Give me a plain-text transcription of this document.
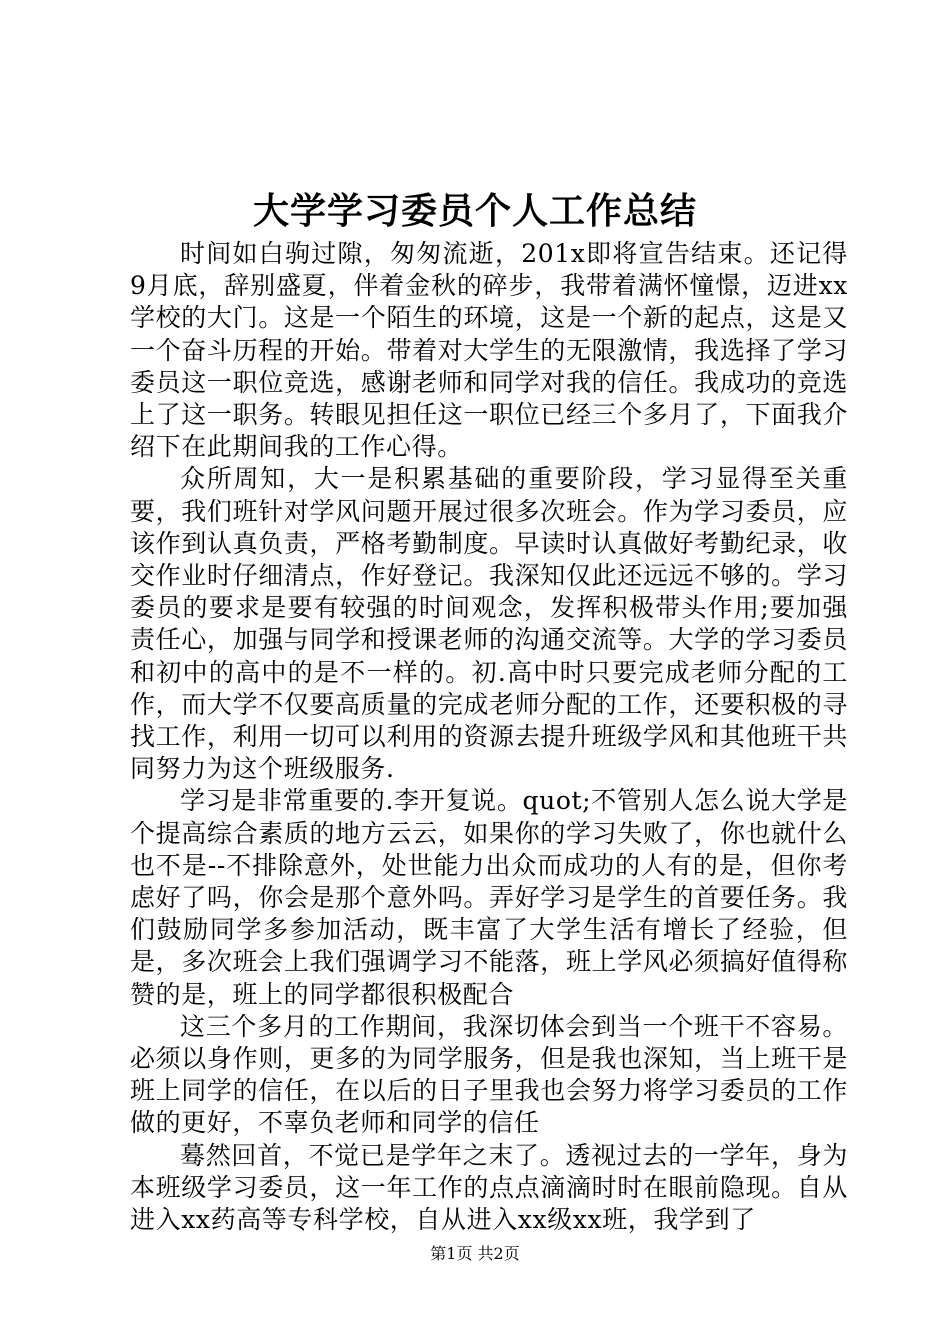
大学学习委员个人工作总结

时间如白驹过隙，匆匆流逝，201x即将宣告结束。还记得9月底，辞别盛夏，伴着金秋的碎步，我带着满怀憧憬，迈进xx学校的大门。这是一个陌生的环境，这是一个新的起点，这是又一个奋斗历程的开始。带着对大学生的无限激情，我选择了学习委员这一职位竞选，感谢老师和同学对我的信任。我成功的竞选上了这一职务。转眼见担任这一职位已经三个多月了，下面我介绍下在此期间我的工作心得。

众所周知，大一是积累基础的重要阶段，学习显得至关重要，我们班针对学风问题开展过很多次班会。作为学习委员，应该作到认真负责，严格考勤制度。早读时认真做好考勤纪录，收交作业时仔细清点，作好登记。我深知仅此还远远不够的。学习委员的要求是要有较强的时间观念，发挥积极带头作用;要加强责任心，加强与同学和授课老师的沟通交流等。大学的学习委员和初中的高中的是不一样的。初.高中时只要完成老师分配的工作，而大学不仅要高质量的完成老师分配的工作，还要积极的寻找工作，利用一切可以利用的资源去提升班级学风和其他班干共同努力为这个班级服务.

学习是非常重要的.李开复说。quot;不管别人怎么说大学是个提高综合素质的地方云云，如果你的学习失败了，你也就什么也不是--不排除意外，处世能力出众而成功的人有的是，但你考虑好了吗，你会是那个意外吗。弄好学习是学生的首要任务。我们鼓励同学多参加活动，既丰富了大学生活有增长了经验，但是，多次班会上我们强调学习不能落，班上学风必须搞好值得称赞的是，班上的同学都很积极配合

这三个多月的工作期间，我深切体会到当一个班干不容易。必须以身作则，更多的为同学服务，但是我也深知，当上班干是班上同学的信任，在以后的日子里我也会努力将学习委员的工作做的更好，不辜负老师和同学的信任

蓦然回首，不觉已是学年之末了。透视过去的一学年，身为本班级学习委员，这一年工作的点点滴滴时时在眼前隐现。自从进入xx药高等专科学校，自从进入xx级xx班，我学到了

第1页 共2页
